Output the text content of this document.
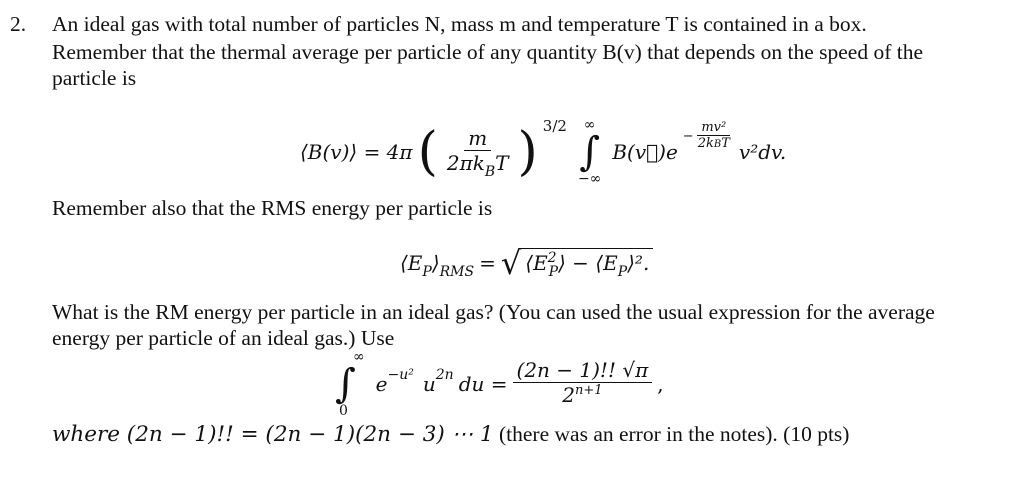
2. An ideal gas with total number of particles N, mass m and temperature T is contained in a box.
Remember that the thermal average per particle of any quantity B(v) that depends on the speed of the
particle is
⟨B(v)⟩ = 4π ( $\frac{m}{2\pi k_BT}$ ) $^{3/2}$ ∞
∫
−∞
B(v⃗)e
− $\frac{\text{mv²}}{\text{2kBT}} v^2dv$.
Remember also that the RMS energy per particle is
$⟨E_P⟩_{RMS}$ = √ $⟨E^2_P⟩$ − $⟨E_P⟩^2$.
What is the RM energy per particle in an ideal gas? (You can used the usual expression for the average
energy per particle of an ideal gas.) Use
∞
∫
0
$e^{-u^2}$ $u^{2n}$ du = $\frac{(2n - 1)!! √\pi}{2^{n+1}}$ ,
where (2n − 1)!! = (2n − 1)(2n − 3) ⋯ 1 (there was an error in the notes). (10 pts)
